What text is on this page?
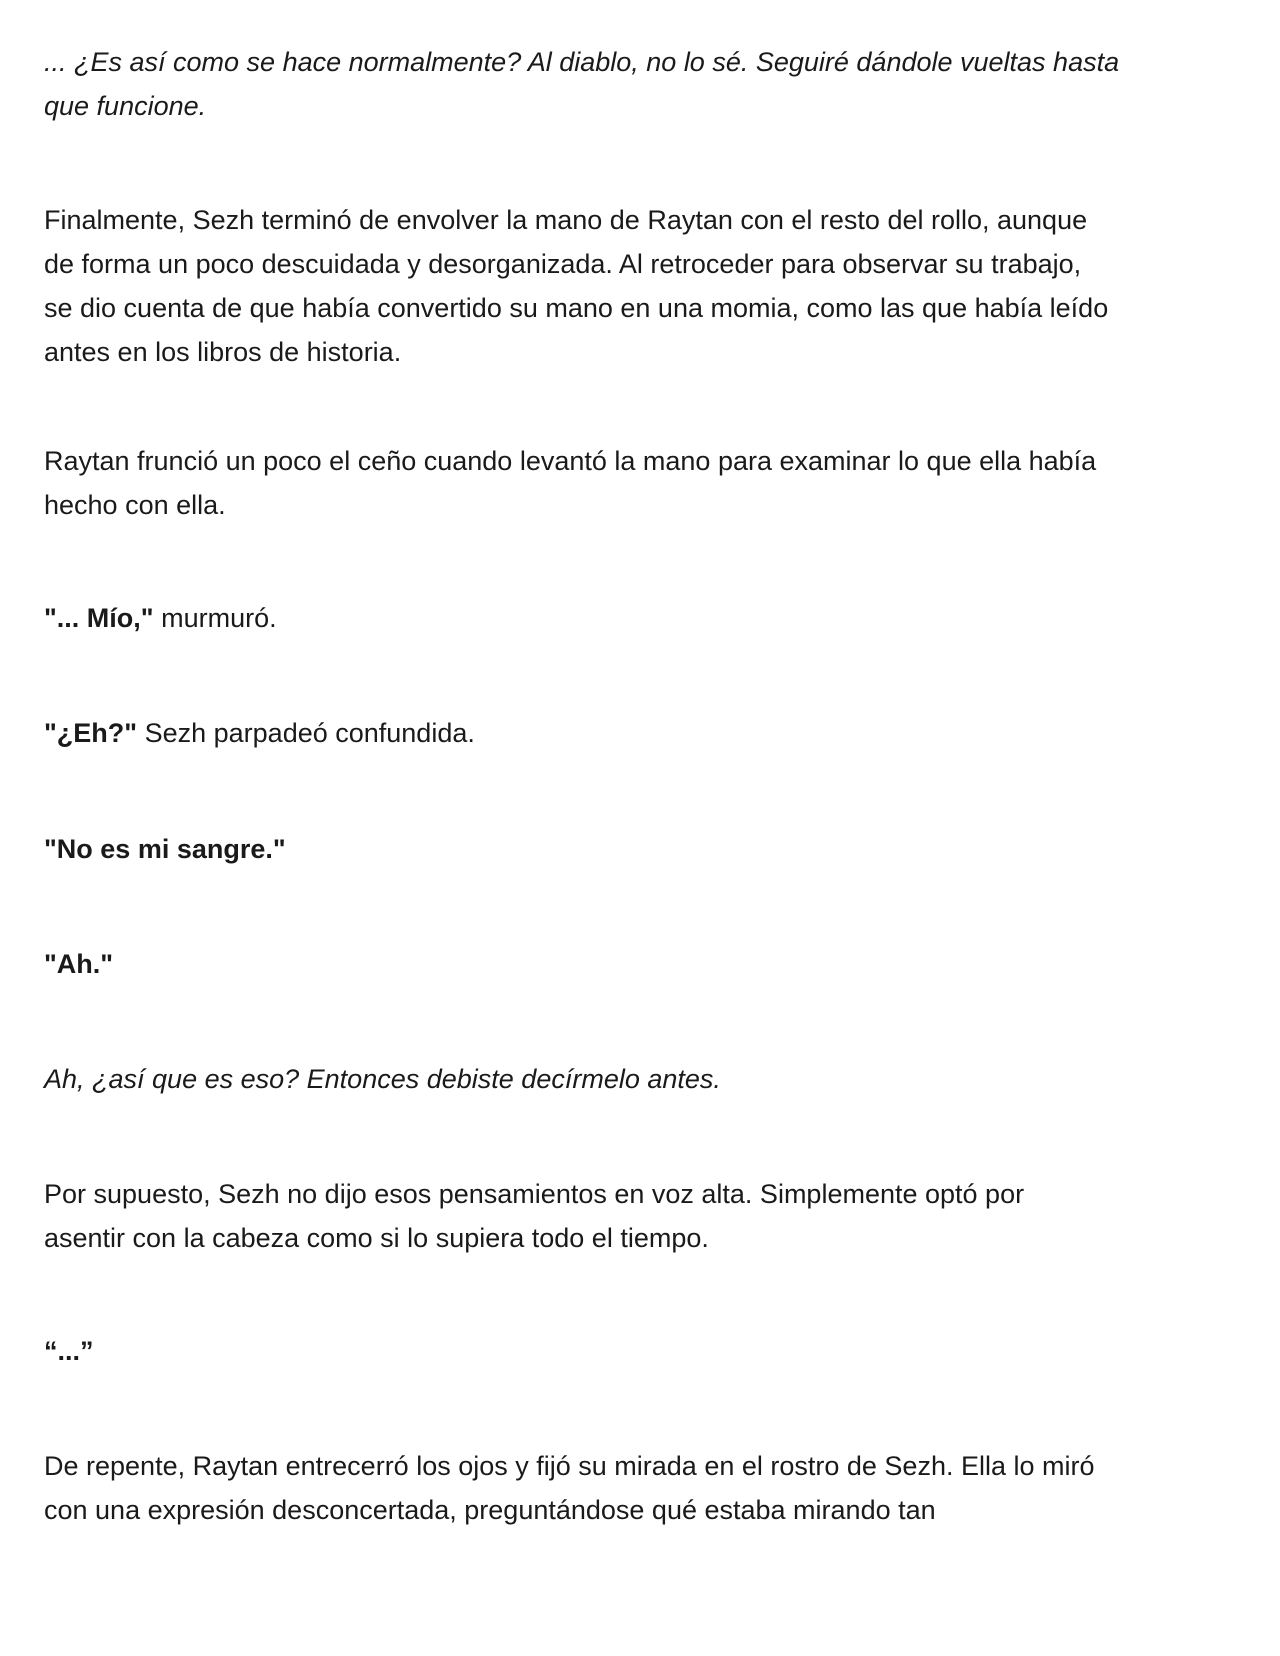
... ¿Es así como se hace normalmente? Al diablo, no lo sé. Seguiré dándole vueltas hasta
que funcione.

Finalmente, Sezh terminó de envolver la mano de Raytan con el resto del rollo, aunque
de forma un poco descuidada y desorganizada. Al retroceder para observar su trabajo,
se dio cuenta de que había convertido su mano en una momia, como las que había leído
antes en los libros de historia.

Raytan frunció un poco el ceño cuando levantó la mano para examinar lo que ella había
hecho con ella.

"... Mío," murmuró.

"¿Eh?" Sezh parpadeó confundida.

"No es mi sangre."

"Ah."

Ah, ¿así que es eso? Entonces debiste decírmelo antes.

Por supuesto, Sezh no dijo esos pensamientos en voz alta. Simplemente optó por
asentir con la cabeza como si lo supiera todo el tiempo.

“...”

De repente, Raytan entrecerró los ojos y fijó su mirada en el rostro de Sezh. Ella lo miró
con una expresión desconcertada, preguntándose qué estaba mirando tan
